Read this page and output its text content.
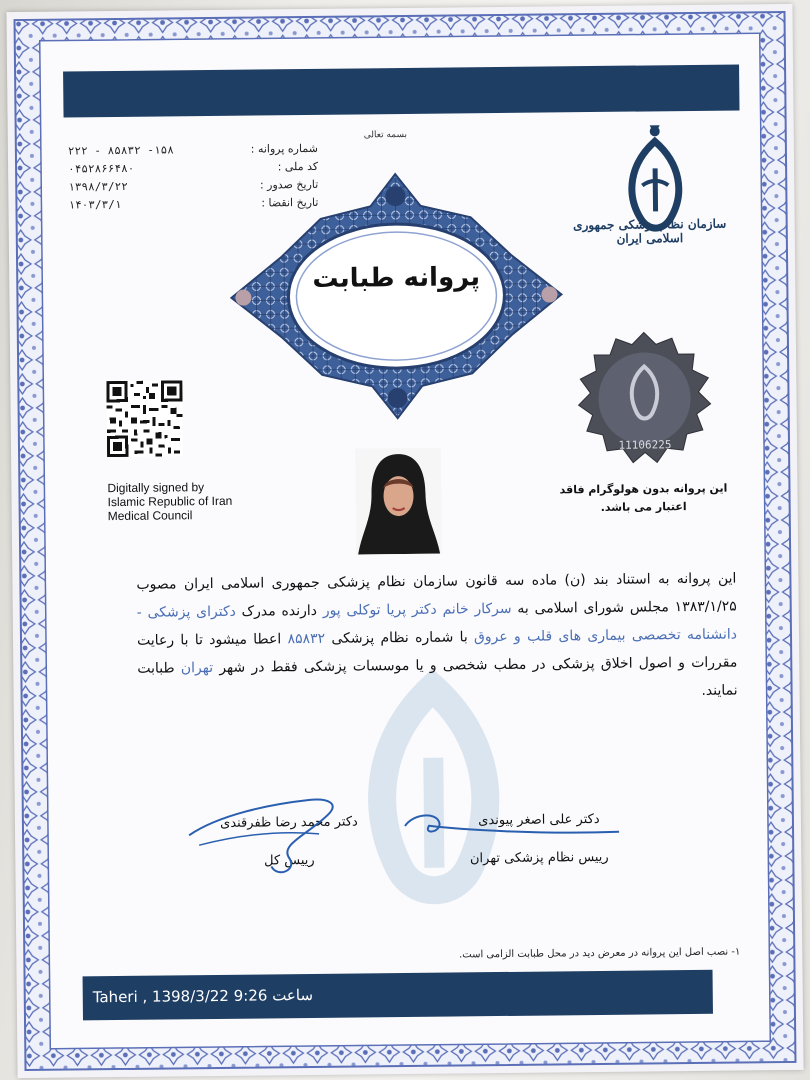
بسمه تعالی
۲۲۲ - ۸۵۸۳۲ -۱۵۸	شماره پروانه :
۰۴۵۲۸۶۶۴۸۰	کد ملی :
۱۳۹۸/۳/۲۲	تاریخ صدور :
۱۴۰۳/۳/۱	تاریخ انقضا :
پروانه طبابت
سازمان نظام پزشکی جمهوری اسلامی ایران
Digitally signed by
Islamic Republic of Iran
Medical Council
11106225
این پروانه بدون هولوگرام فاقد
اعتبار می باشد.
این پروانه به استناد بند (ن) ماده سه قانون سازمان نظام پزشکی جمهوری اسلامی ایران مصوب ۱۳۸۳/۱/۲۵ مجلس شورای اسلامی به سرکار خانم دکتر پریا توکلی پور دارنده مدرک دکترای پزشکی - دانشنامه تخصصی بیماری های قلب و عروق با شماره نظام پزشکی ۸۵۸۳۲ اعطا میشود تا با رعایت مقررات و اصول اخلاق پزشکی در مطب شخصی و یا موسسات پزشکی فقط در شهر تهران طبابت نمایند.
دکتر محمد رضا ظفرقندی
رییس کل
دکتر علی اصغر پیوندی
رییس نظام پزشکی تهران
۱- نصب اصل این پروانه در معرض دید در محل طبابت الزامی است.
Taheri , 1398/3/22 9:26 ساعت
